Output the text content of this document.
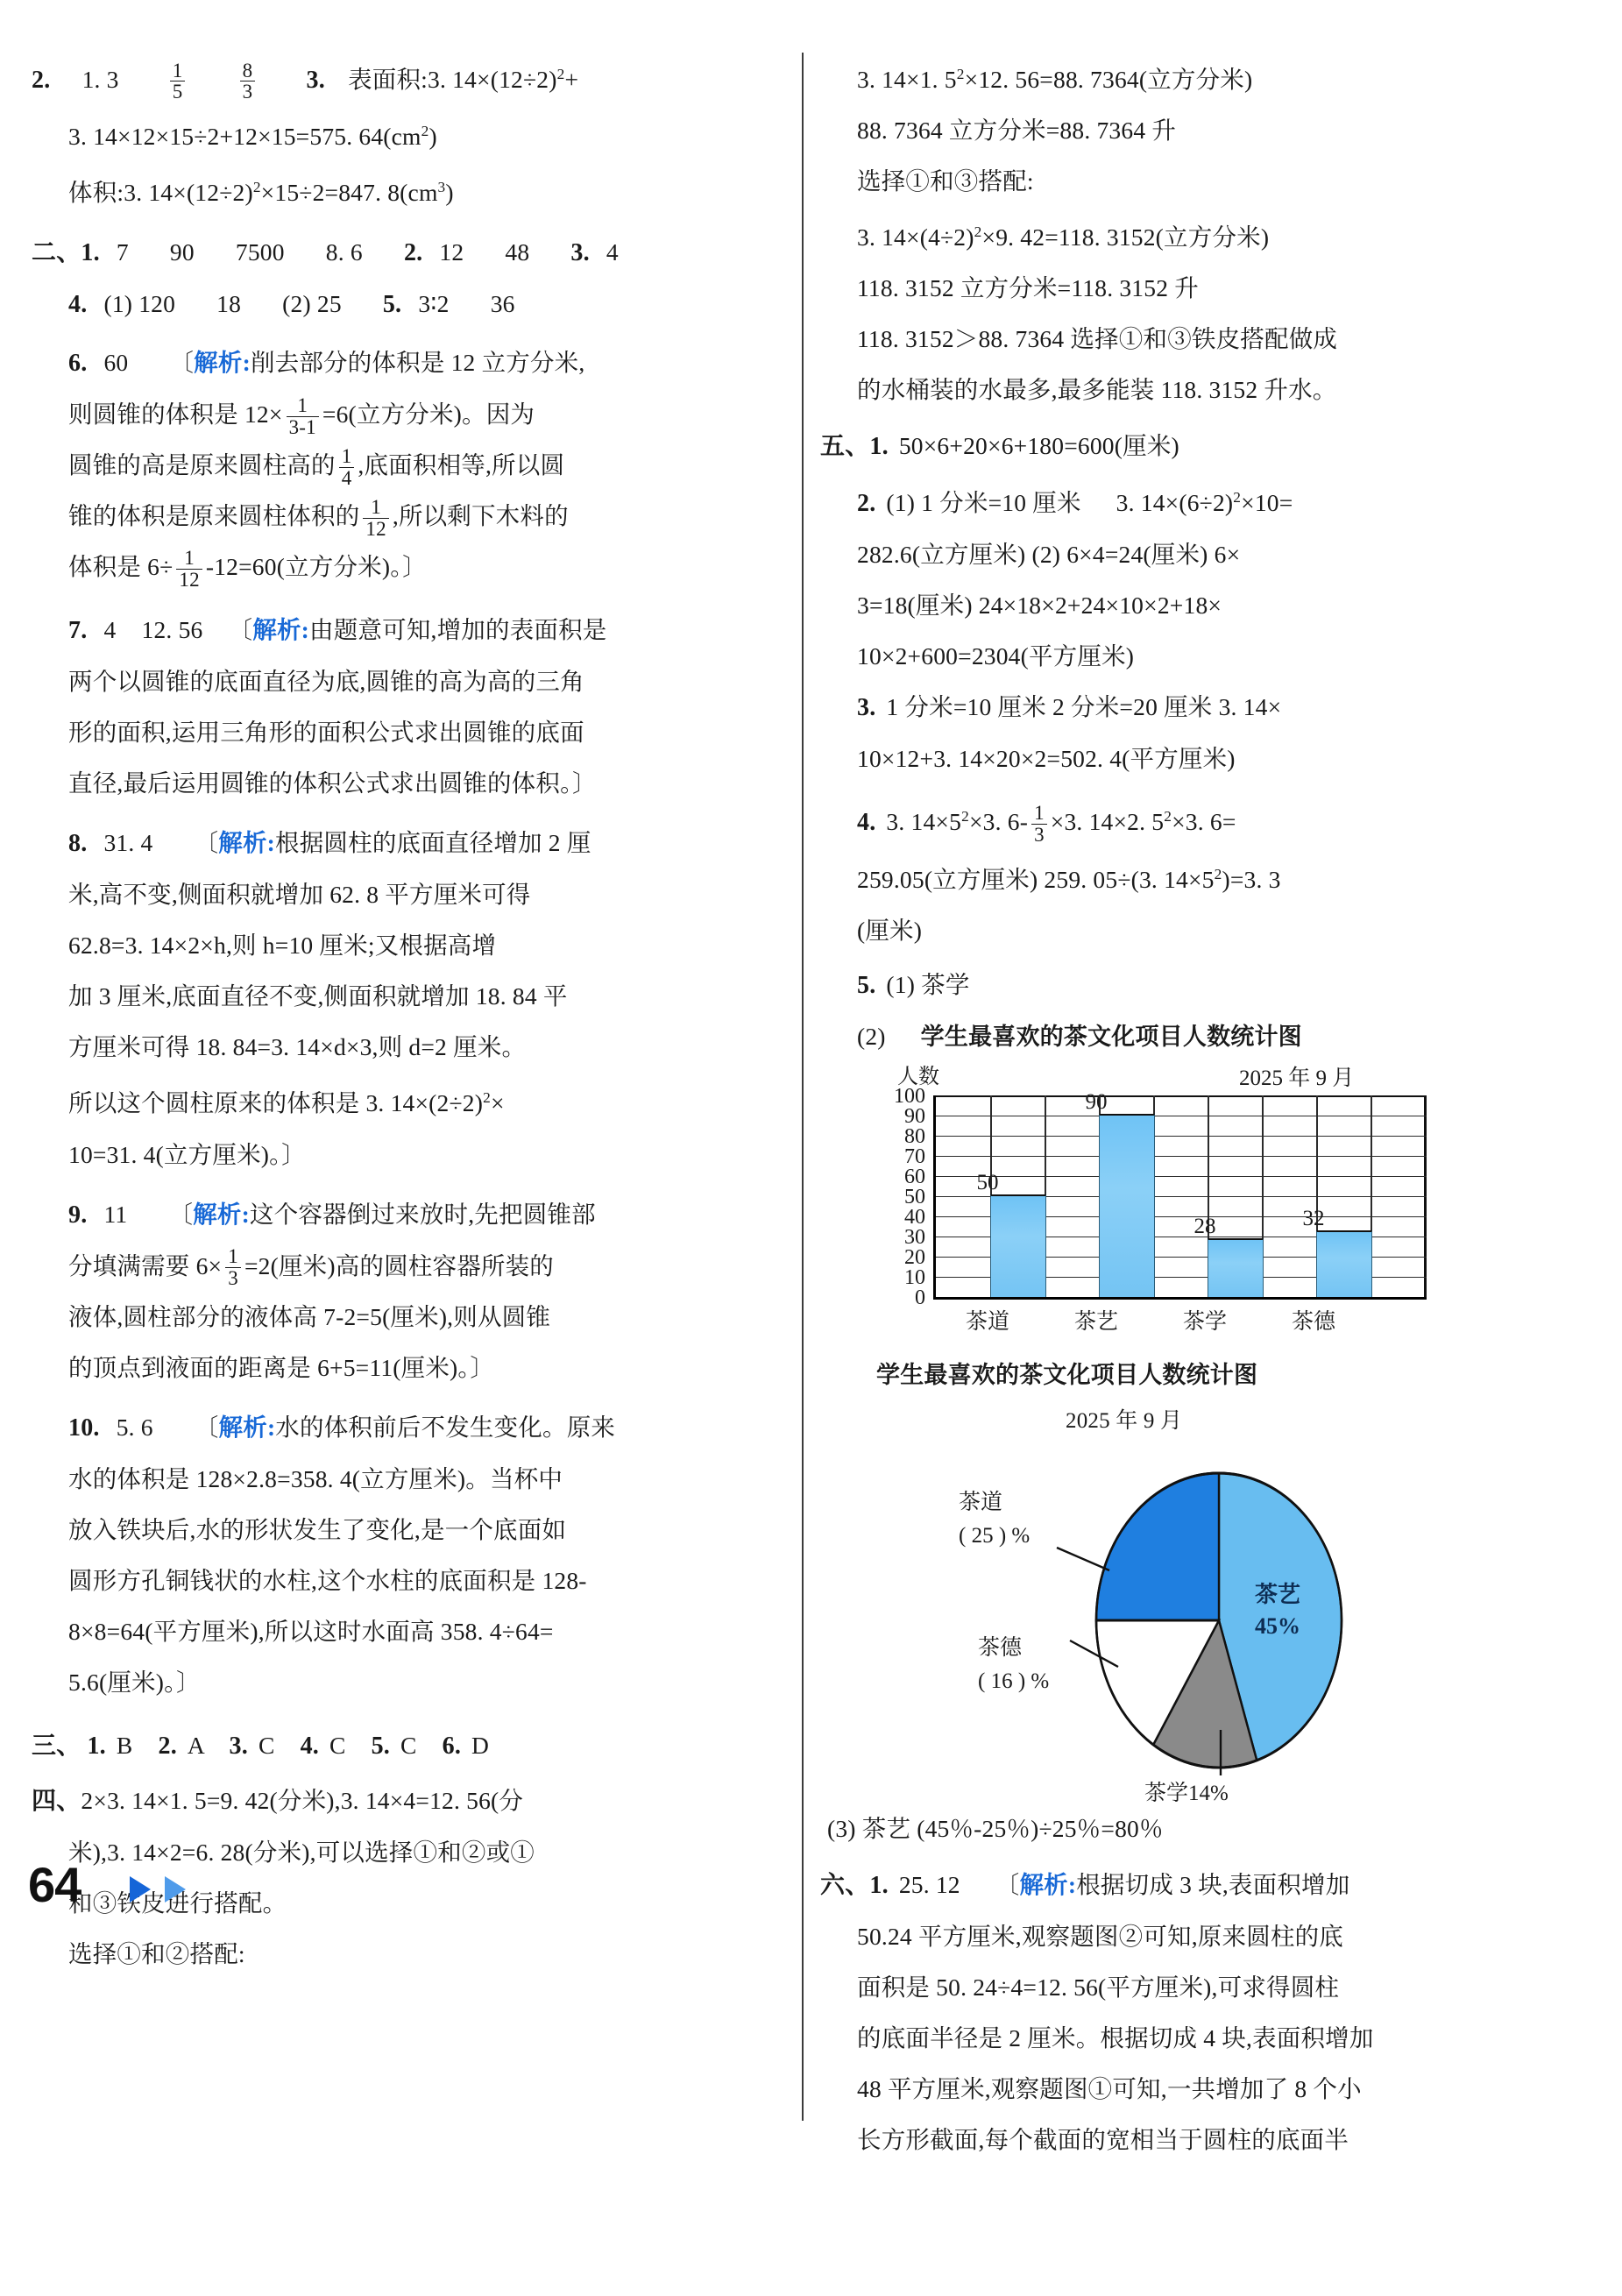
2. 1. 3	$\frac{1}{5}$
	$\frac{8}{3} 3$. 表面积:3. $14\times(12\div 2)^2+$
3. 14×12×15÷2+12×15=575. $64(cm^2)$
体积:3. $14\times(12\div 2)^2\times 15\div 2=847$. $8(cm^3)$
二、1. 7 90 7500 8. 6 2. 12 48 3. 4
4. (1) 120 18 (2) 25 5. 3∶2 36
6. 60 〔解析:削去部分的体积是 12 立方分米,
则圆锥的体积是 $12\times \frac{1}{3-1} =6$(立方分米)。因为
圆锥的高是原来圆柱高的 $\frac{1}{4}$ ,底面积相等,所以圆
锥的体积是原来圆柱体积的 $\frac{1}{12}$ ,所以剩下木料的
体积是 $6\div \frac{1}{12} -12=60$(立方分米)。〕
7. 4 12. 56 〔解析:由题意可知,增加的表面积是
两个以圆锥的底面直径为底,圆锥的高为高的三角
形的面积,运用三角形的面积公式求出圆锥的底面
直径,最后运用圆锥的体积公式求出圆锥的体积。〕
8. 31. 4 〔解析:根据圆柱的底面直径增加 2 厘
米,高不变,侧面积就增加 62. 8 平方厘米可得
62.8=3. 14×2×h,则 h=10 厘米;又根据高增
加 3 厘米,底面直径不变,侧面积就增加 18. 84 平
方厘米可得 18. 84=3. 14×d×3,则 d=2 厘米。
所以这个圆柱原来的体积是 3. $14\times(2\div 2)^2\times$
10=31. 4(立方厘米)。〕
9. 11 〔解析:这个容器倒过来放时,先把圆锥部
分填满需要 $6\times \frac{1}{3} =2$(厘米)高的圆柱容器所装的
液体,圆柱部分的液体高 7-2=5(厘米),则从圆锥
的顶点到液面的距离是 6+5=11(厘米)。〕
10. 5. 6 〔解析:水的体积前后不发生变化。原来
水的体积是 128×2.8=358. 4(立方厘米)。当杯中
放入铁块后,水的形状发生了变化,是一个底面如
圆形方孔铜钱状的水柱,这个水柱的底面积是 128-
8×8=64(平方厘米),所以这时水面高 358. 4÷64=
5.6(厘米)。〕
三、 1. B 2. A 3. C 4. C 5. C 6. D
四、2×3. 14×1. 5=9. 42(分米),3. 14×4=12. 56(分
米),3. 14×2=6. 28(分米),可以选择①和②或①
和③铁皮进行搭配。
选择①和②搭配:
64
3. 14×1. $5^2\times 12$. 56=88. 7364(立方分米)
88. 7364 立方分米=88. 7364 升
选择①和③搭配:
3. $14\times(4\div 2)^2\times 9$. 42=118. 3152(立方分米)
118. 3152 立方分米=118. 3152 升
118. 3152＞88. 7364 选择①和③铁皮搭配做成
的水桶装的水最多,最多能装 118. 3152 升水。
五、1. 50×6+20×6+180=600(厘米)
2. (1) 1 分米=10 厘米 3. $14\times(6\div 2)^2\times 10=$
282.6(立方厘米) (2) 6×4=24(厘米) 6×
3=18(厘米) 24×18×2+24×10×2+18×
10×2+600=2304(平方厘米)
3. 1 分米=10 厘米 2 分米=20 厘米 3. 14×
10×12+3. 14×20×2=502. 4(平方厘米)
4. 3. $14\times 5^2\times 3$. $6- \frac{1}{3} \times 3$. 14×2. $5^2\times 3$. 6=
259.05(立方厘米) 259. 05÷(3. $14\times 5^2)=3$. 3
(厘米)
5. (1) 茶学
(2) 学生最喜欢的茶文化项目人数统计图
人数	2025 年 9 月
100
90
80
70
60
50
40
30
20
10
0
50
90
28	32
茶道	茶艺	茶学	茶德
学生最喜欢的茶文化项目人数统计图
2025 年 9 月
茶道
( 25 ) %
茶德
( 16 ) %
茶学14%
茶艺
45%
(3) 茶艺 (45％-25％)÷25％=80％
六、1. 25. 12 〔解析:根据切成 3 块,表面积增加
50.24 平方厘米,观察题图②可知,原来圆柱的底
面积是 50. 24÷4=12. 56(平方厘米),可求得圆柱
的底面半径是 2 厘米。根据切成 4 块,表面积增加
48 平方厘米,观察题图①可知,一共增加了 8 个小
长方形截面,每个截面的宽相当于圆柱的底面半
